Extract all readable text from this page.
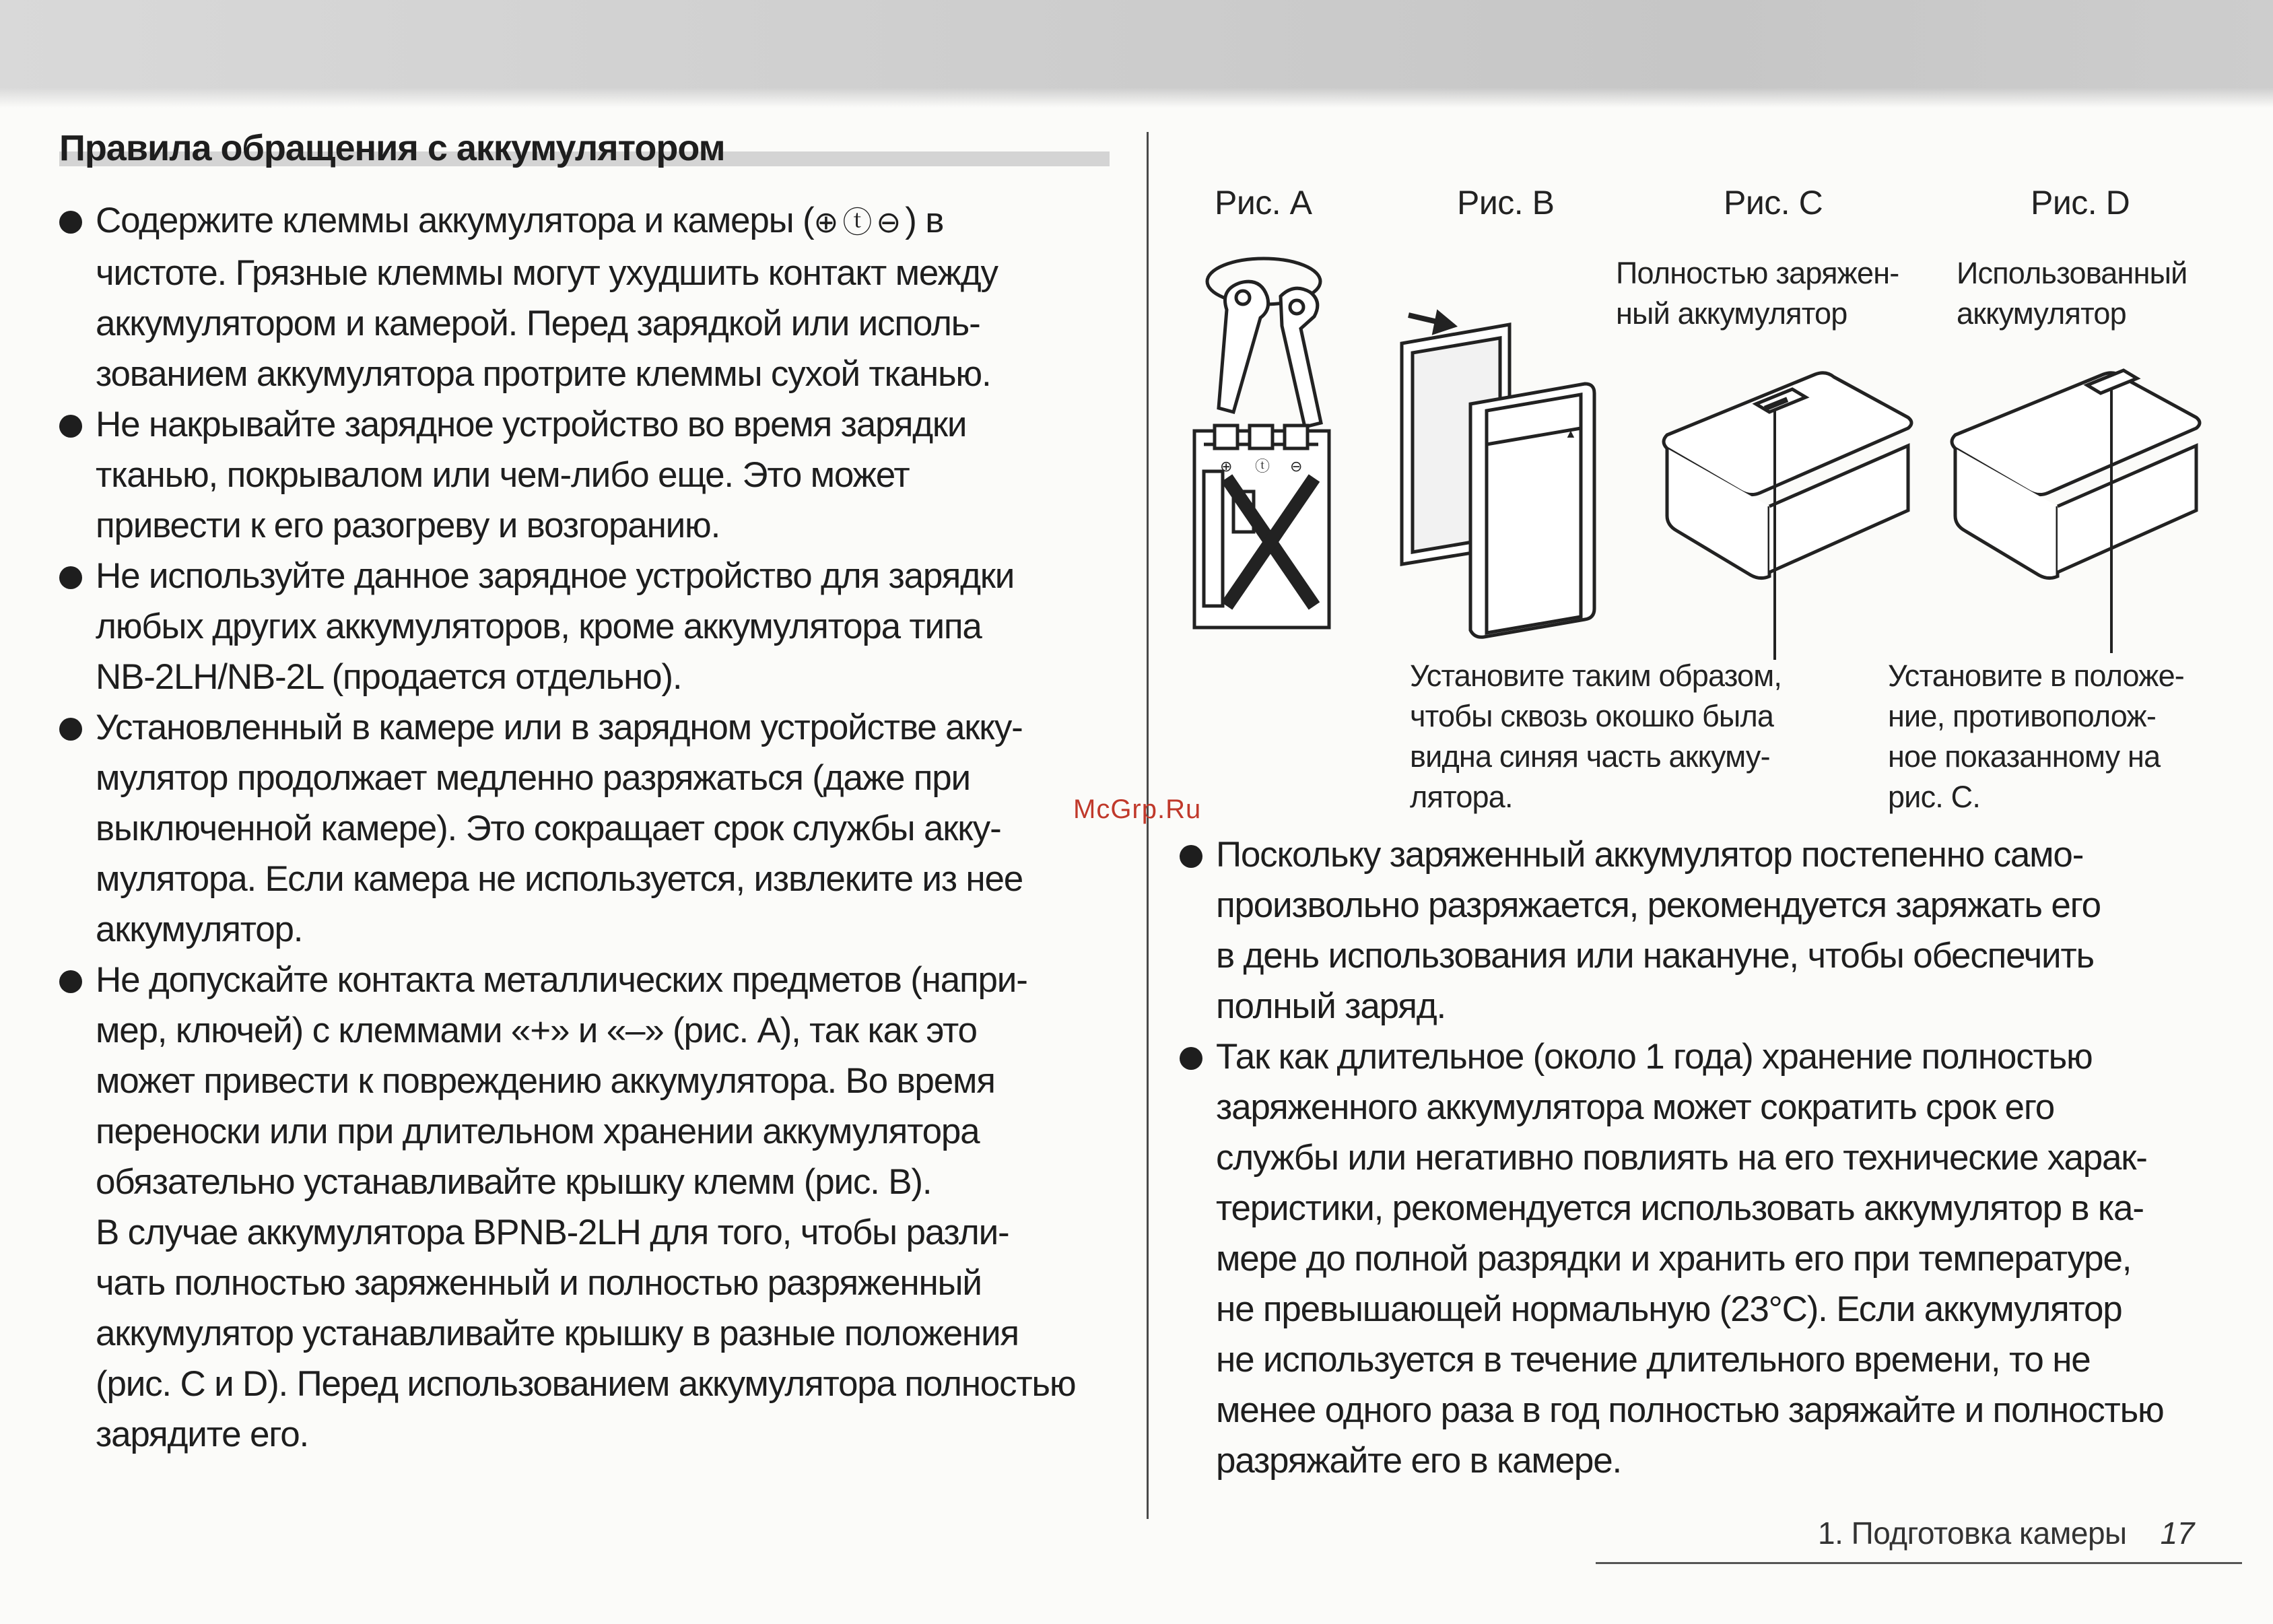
Правила обращения с аккумулятором

Содержите клеммы аккумулятора и камеры (⊕ⓣ⊖) в
чистоте. Грязные клеммы могут ухудшить контакт между
аккумулятором и камерой. Перед зарядкой или исполь-
зованием аккумулятора протрите клеммы сухой тканью.

Не накрывайте зарядное устройство во время зарядки
тканью, покрывалом или чем-либо еще. Это может
привести к его разогреву и возгоранию.

Не используйте данное зарядное устройство для зарядки
любых других аккумуляторов, кроме аккумулятора типа
NB-2LH/NB-2L (продается отдельно).

Установленный в камере или в зарядном устройстве акку-
мулятор продолжает медленно разряжаться (даже при
выключенной камере). Это сокращает срок службы акку-
мулятора. Если камера не используется, извлеките из нее
аккумулятор.

Не допускайте контакта металлических предметов (напри-
мер, ключей) с клеммами «+» и «–» (рис. A), так как это
может привести к повреждению аккумулятора. Во время
переноски или при длительном хранении аккумулятора
обязательно устанавливайте крышку клемм (рис. B).

В случае аккумулятора BPNB-2LH для того, чтобы разли-
чать полностью заряженный и полностью разряженный
аккумулятор устанавливайте крышку в разные положения
(рис. C и D). Перед использованием аккумулятора полностью
зарядите его.

Рис. A	Рис. B	Рис. C	Рис. D
Полностью заряжен-
ный аккумулятор
Использованный
аккумулятор
⊕ ⓣ ⊖
▲
Установите таким образом,
чтобы сквозь окошко была
видна синяя часть аккуму-
лятора.
Установите в положе-
ние, противополож-
ное показанному на
рис. C.
McGrp.Ru

Поскольку заряженный аккумулятор постепенно само-
произвольно разряжается, рекомендуется заряжать его
в день использования или накануне, чтобы обеспечить
полный заряд.

Так как длительное (около 1 года) хранение полностью
заряженного аккумулятора может сократить срок его
службы или негативно повлиять на его технические харак-
теристики, рекомендуется использовать аккумулятор в ка-
мере до полной разрядки и хранить его при температуре,
не превышающей нормальную (23°C). Если аккумулятор
не используется в течение длительного времени, то не
менее одного раза в год полностью заряжайте и полностью
разряжайте его в камере.

1. Подготовка камеры 17
